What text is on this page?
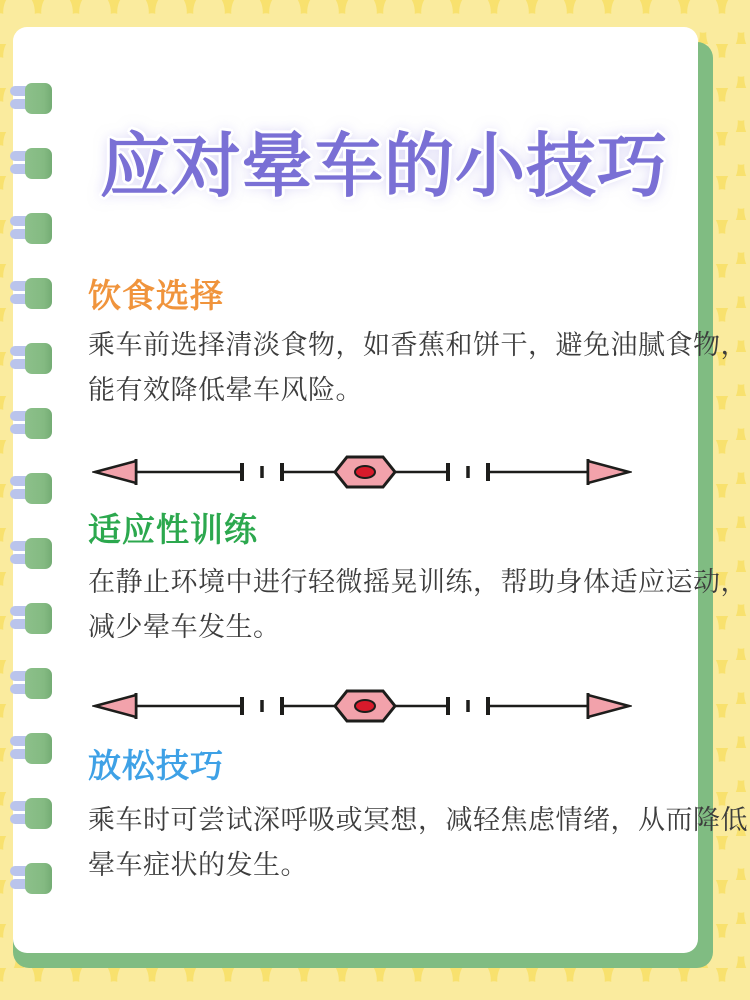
应对晕车的小技巧
饮食选择
乘车前选择清淡食物，如香蕉和饼干，避免油腻食物，
能有效降低晕车风险。
适应性训练
在静止环境中进行轻微摇晃训练，帮助身体适应运动，
减少晕车发生。
放松技巧
乘车时可尝试深呼吸或冥想，减轻焦虑情绪，从而降低
晕车症状的发生。
